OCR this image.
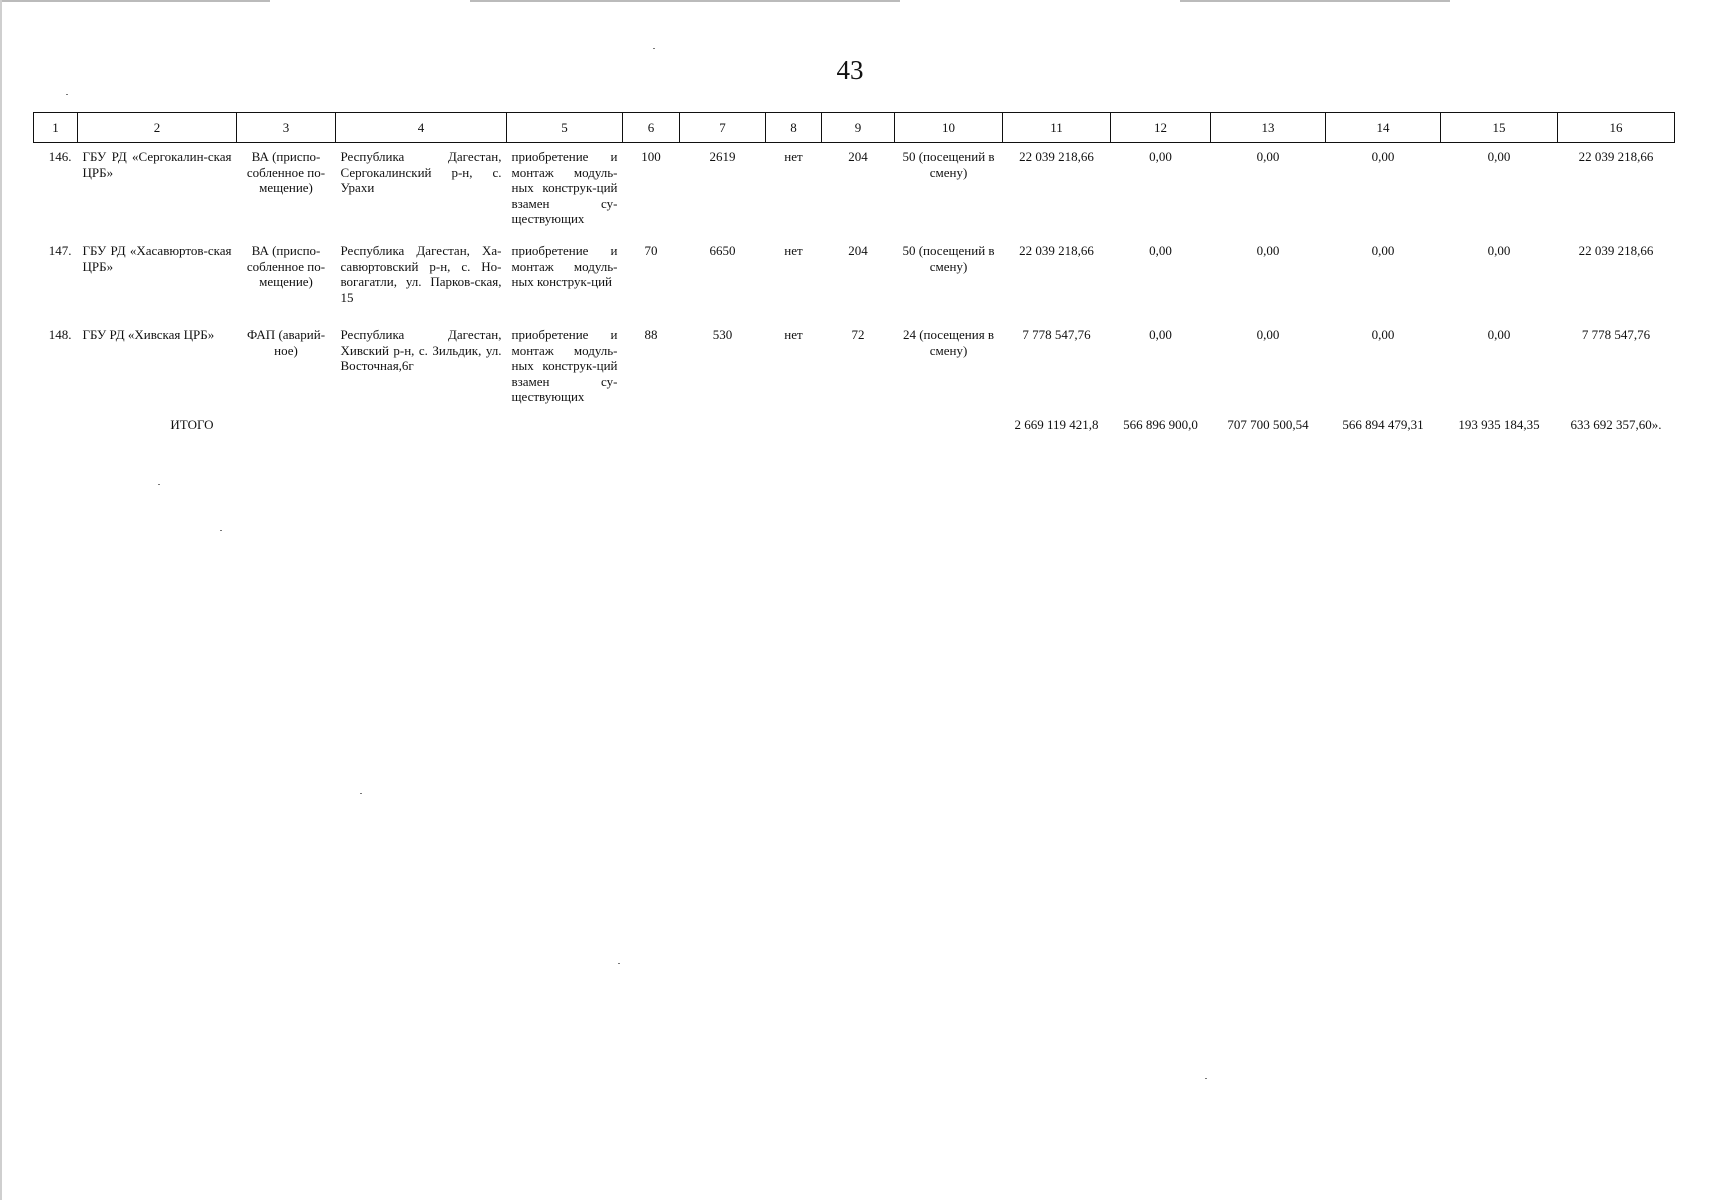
43
1	2	3	4	5	6	7	8	9	10	11	12	13	14	15	16
146.	ГБУ РД «Сергокалин-ская ЦРБ»	ВА (приспо-собленное по-мещение)	Республика Дагестан, Сергокалинский р-н, с. Урахи	приобретение и монтаж модуль-ных конструк-ций взамен су-ществующих	100	2619	нет	204	50 (посещений в смену)	22 039 218,66	0,00	0,00	0,00	0,00	22 039 218,66
147.	ГБУ РД «Хасавюртов-ская ЦРБ»	ВА (приспо-собленное по-мещение)	Республика Дагестан, Ха-савюртовский р-н, с. Но-вогагатли, ул. Парков-ская, 15	приобретение и монтаж модуль-ных конструк-ций	70	6650	нет	204	50 (посещений в смену)	22 039 218,66	0,00	0,00	0,00	0,00	22 039 218,66
148.	ГБУ РД «Хивская ЦРБ»	ФАП (аварий-ное)	Республика Дагестан, Хивский р-н, с. Зильдик, ул. Восточная,6г	приобретение и монтаж модуль-ных конструк-ций взамен су-ществующих	88	530	нет	72	24 (посещения в смену)	7 778 547,76	0,00	0,00	0,00	0,00	7 778 547,76
ИТОГО										2 669 119 421,8	566 896 900,0	707 700 500,54	566 894 479,31	193 935 184,35	633 692 357,60».
